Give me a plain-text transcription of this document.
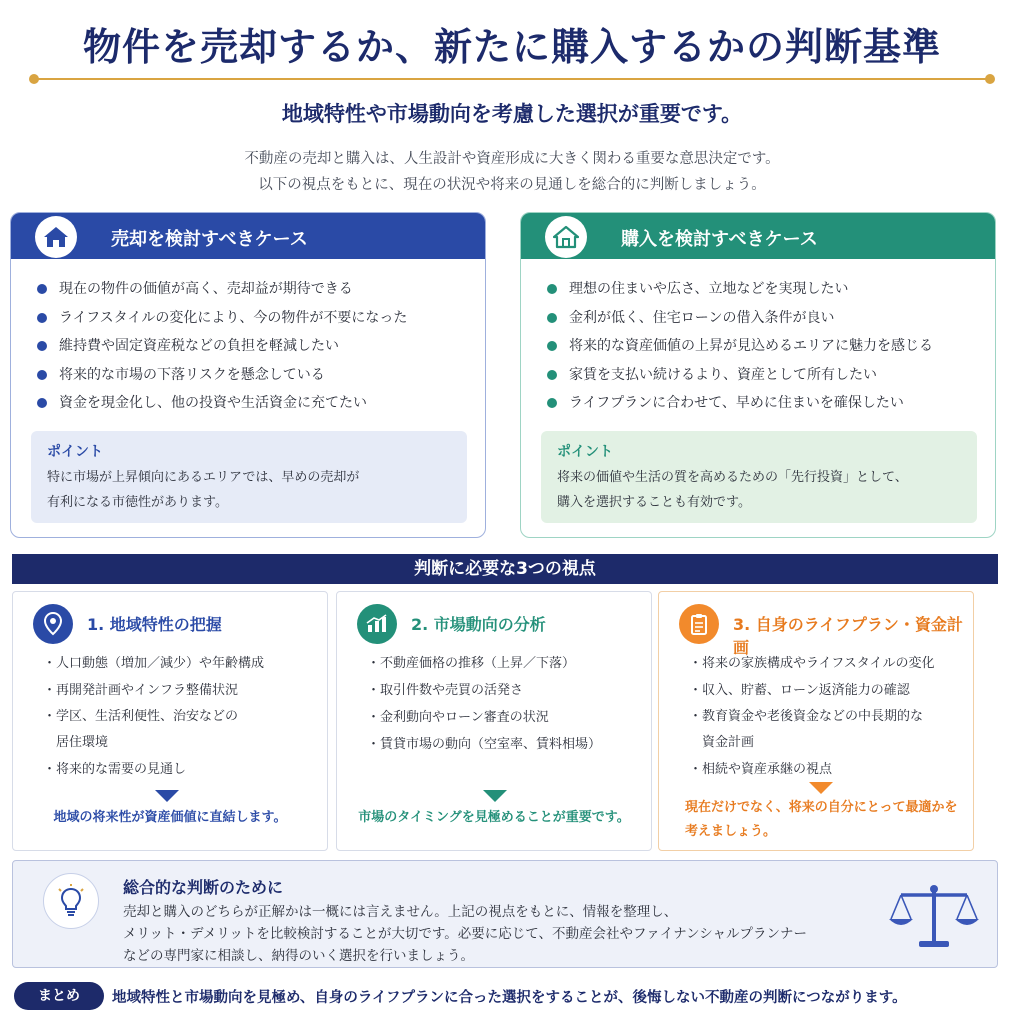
物件を売却するか、新たに購入するかの判断基準
地域特性や市場動向を考慮した選択が重要です。

不動産の売却と購入は、人生設計や資産形成に大きく関わる重要な意思決定です。

以下の視点をもとに、現在の状況や将来の見通しを総合的に判断しましょう。

売却を検討すべきケース
現在の物件の価値が高く、売却益が期待できる
ライフスタイルの変化により、今の物件が不要になった
維持費や固定資産税などの負担を軽減したい
将来的な市場の下落リスクを懸念している
資金を現金化し、他の投資や生活資金に充てたい
ポイント

特に市場が上昇傾向にあるエリアでは、早めの売却が

有利になる市徳性があります。

購入を検討すべきケース
理想の住まいや広さ、立地などを実現したい
金利が低く、住宅ローンの借入条件が良い
将来的な資産価値の上昇が見込めるエリアに魅力を感じる
家賃を支払い続けるより、資産として所有したい
ライフプランに合わせて、早めに住まいを確保したい
ポイント

将来の価値や生活の質を高めるための「先行投資」として、

購入を選択することも有効です。

判断に必要な3つの視点
1. 地域特性の把握
・人口動態（増加／減少）や年齢構成
・再開発計画やインフラ整備状況
・学区、生活利便性、治安などの
　居住環境
・将来的な需要の見通し
地域の将来性が資産価値に直結します。
2. 市場動向の分析
・不動産価格の推移（上昇／下落）
・取引件数や売買の活発さ
・金利動向やローン審査の状況
・賃貸市場の動向（空室率、賃料相場）
市場のタイミングを見極めることが重要です。
3. 自身のライフプラン・資金計画
・将来の家族構成やライフスタイルの変化
・収入、貯蓄、ローン返済能力の確認
・教育資金や老後資金などの中長期的な
　資金計画
・相続や資産承継の視点

現在だけでなく、将来の自分にとって最適かを

考えましょう。

総合的な判断のために

売却と購入のどちらが正解かは一概には言えません。上記の視点をもとに、情報を整理し、

メリット・デメリットを比較検討することが大切です。必要に応じて、不動産会社やファイナンシャルプランナー

などの専門家に相談し、納得のいく選択を行いましょう。

まとめ	地域特性と市場動向を見極め、自身のライフプランに合った選択をすることが、後悔しない不動産の判断につながります。
